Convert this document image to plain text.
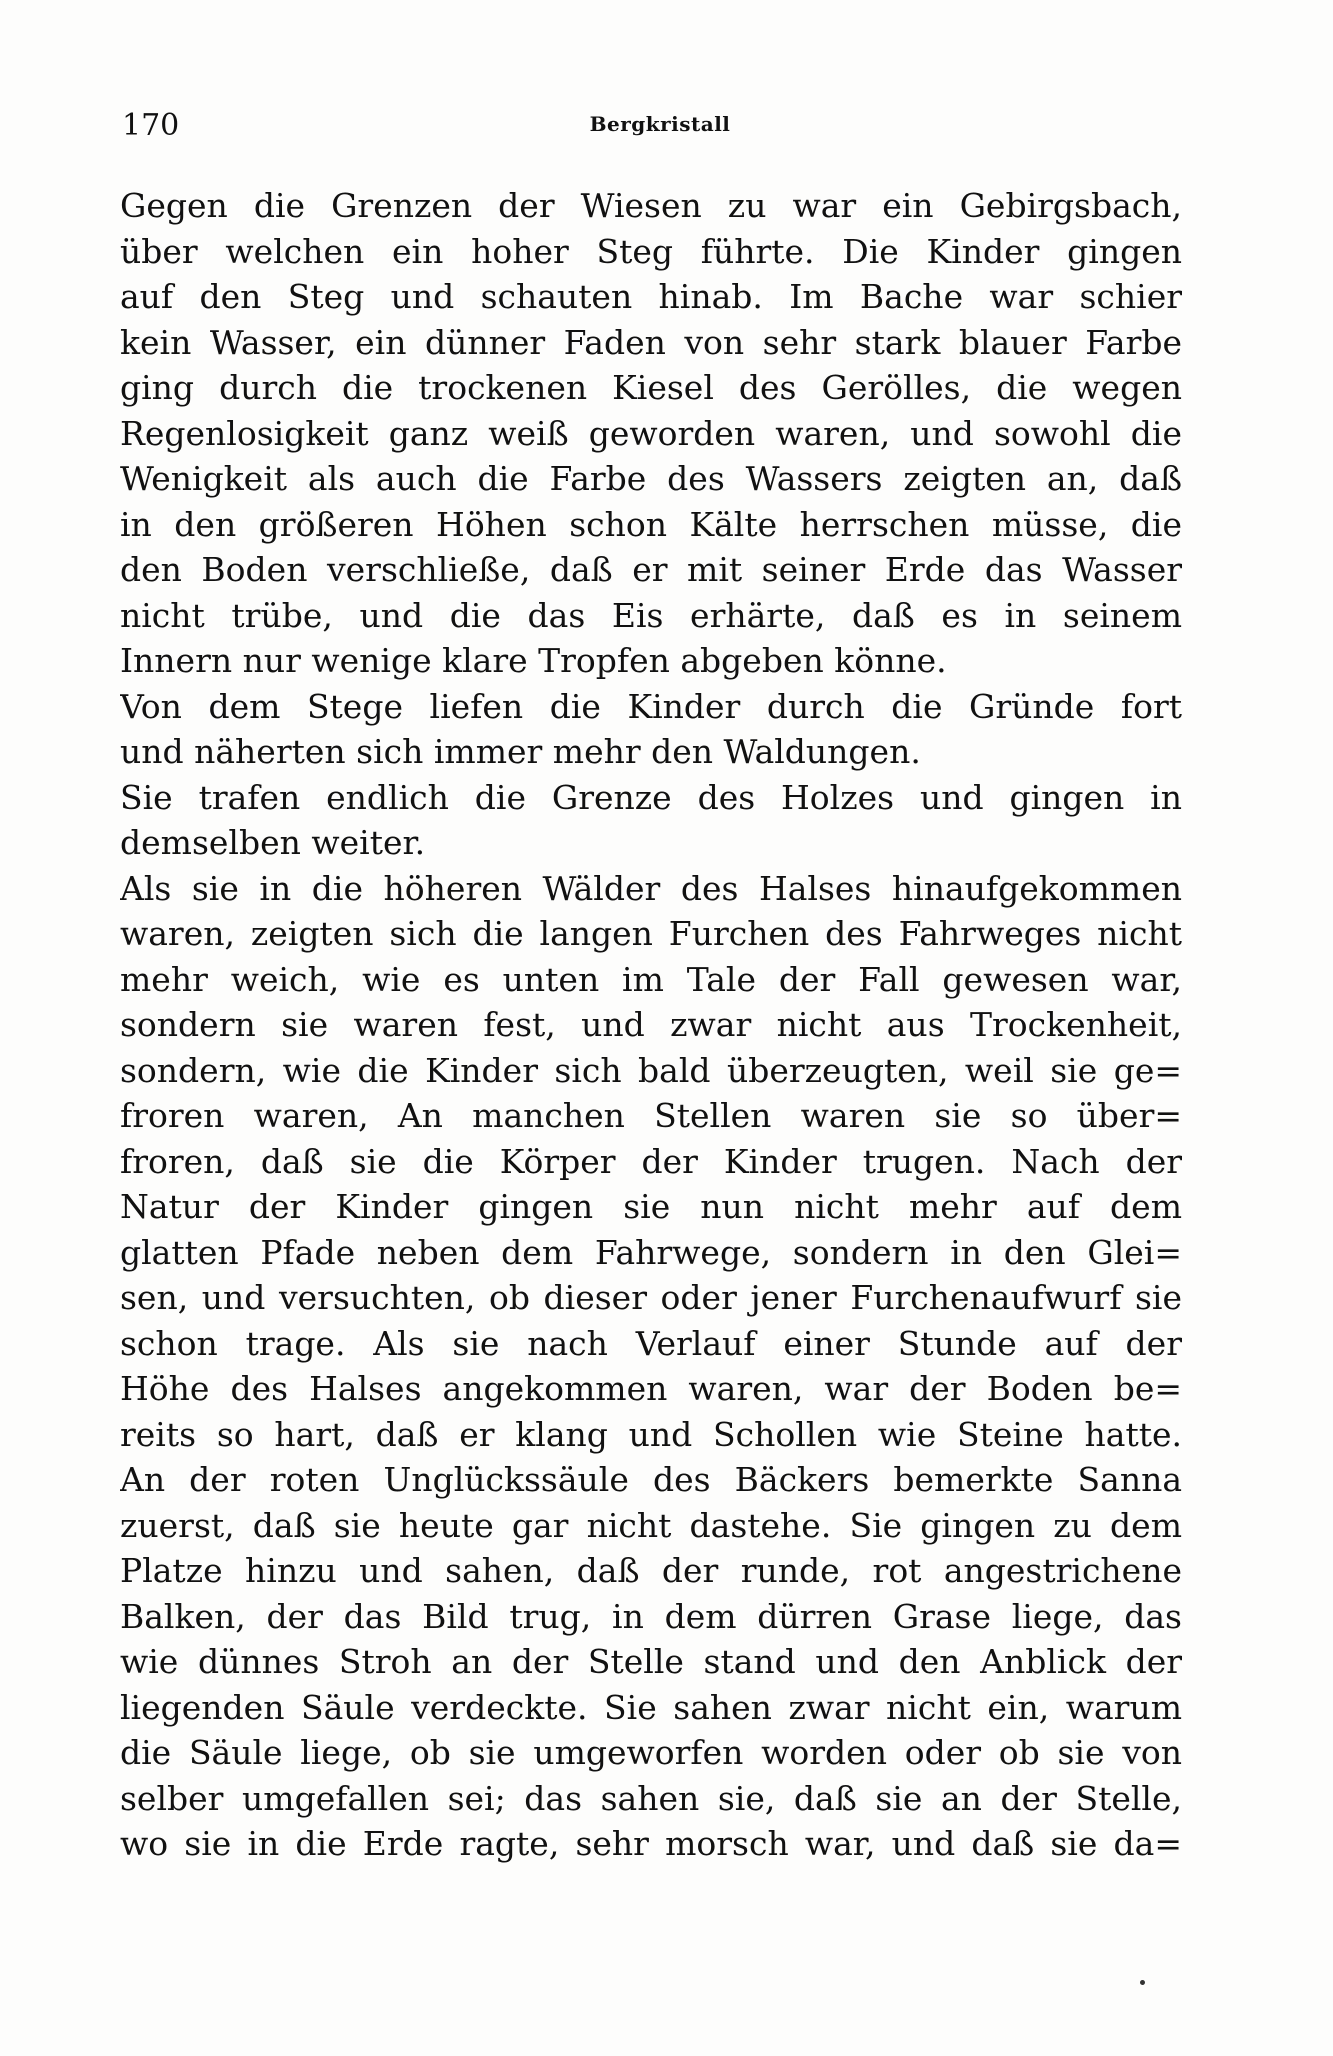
170	Bergkristall
Gegen die Grenzen der Wiesen zu war ein Gebirgsbach,
über welchen ein hoher Steg führte. Die Kinder gingen
auf den Steg und schauten hinab. Im Bache war schier
kein Wasser, ein dünner Faden von sehr stark blauer Farbe
ging durch die trockenen Kiesel des Gerölles, die wegen
Regenlosigkeit ganz weiß geworden waren, und sowohl die
Wenigkeit als auch die Farbe des Wassers zeigten an, daß
in den größeren Höhen schon Kälte herrschen müsse, die
den Boden verschließe, daß er mit seiner Erde das Wasser
nicht trübe, und die das Eis erhärte, daß es in seinem
Innern nur wenige klare Tropfen abgeben könne.
Von dem Stege liefen die Kinder durch die Gründe fort
und näherten sich immer mehr den Waldungen.
Sie trafen endlich die Grenze des Holzes und gingen in
demselben weiter.
Als sie in die höheren Wälder des Halses hinaufgekommen
waren, zeigten sich die langen Furchen des Fahrweges nicht
mehr weich, wie es unten im Tale der Fall gewesen war,
sondern sie waren fest, und zwar nicht aus Trockenheit,
sondern, wie die Kinder sich bald überzeugten, weil sie ge=
froren waren, An manchen Stellen waren sie so über=
froren, daß sie die Körper der Kinder trugen. Nach der
Natur der Kinder gingen sie nun nicht mehr auf dem
glatten Pfade neben dem Fahrwege, sondern in den Glei=
sen, und versuchten, ob dieser oder jener Furchenaufwurf sie
schon trage. Als sie nach Verlauf einer Stunde auf der
Höhe des Halses angekommen waren, war der Boden be=
reits so hart, daß er klang und Schollen wie Steine hatte.
An der roten Unglückssäule des Bäckers bemerkte Sanna
zuerst, daß sie heute gar nicht dastehe. Sie gingen zu dem
Platze hinzu und sahen, daß der runde, rot angestrichene
Balken, der das Bild trug, in dem dürren Grase liege, das
wie dünnes Stroh an der Stelle stand und den Anblick der
liegenden Säule verdeckte. Sie sahen zwar nicht ein, warum
die Säule liege, ob sie umgeworfen worden oder ob sie von
selber umgefallen sei; das sahen sie, daß sie an der Stelle,
wo sie in die Erde ragte, sehr morsch war, und daß sie da=
